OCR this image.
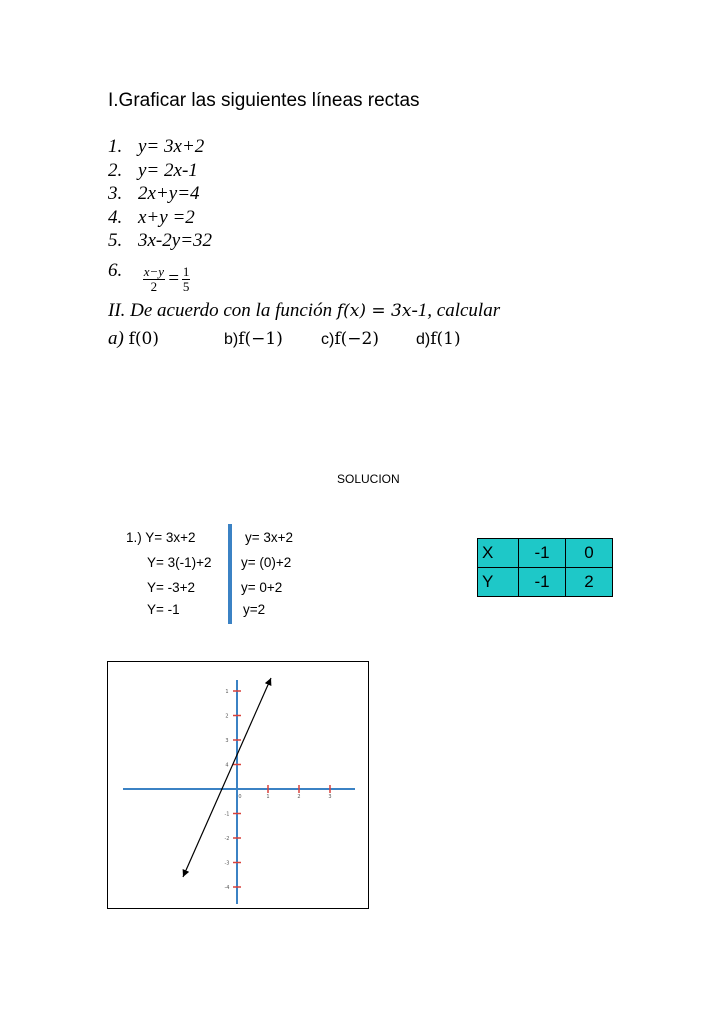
I.Graficar las siguientes líneas rectas
1. y= 3x+2
2. y= 2x-1
3. 2x+y=4
4. x+y =2
5. 3x-2y=32
6. $\frac{x-y}{2} = \frac{1}{5}$
II. De acuerdo con la función f(x) = 3x-1, calcular
a) f(0)	b)f(−1) c)f(−2) d)f(1)
SOLUCION
1.) Y= 3x+2
Y= 3(-1)+2
Y= -3+2
Y= -1
y= 3x+2
y= (0)+2
y= 0+2
y=2
X	-1	0
Y	-1	2
4
3
2
1
-1
-2
-3
-4
0	1	2	3
